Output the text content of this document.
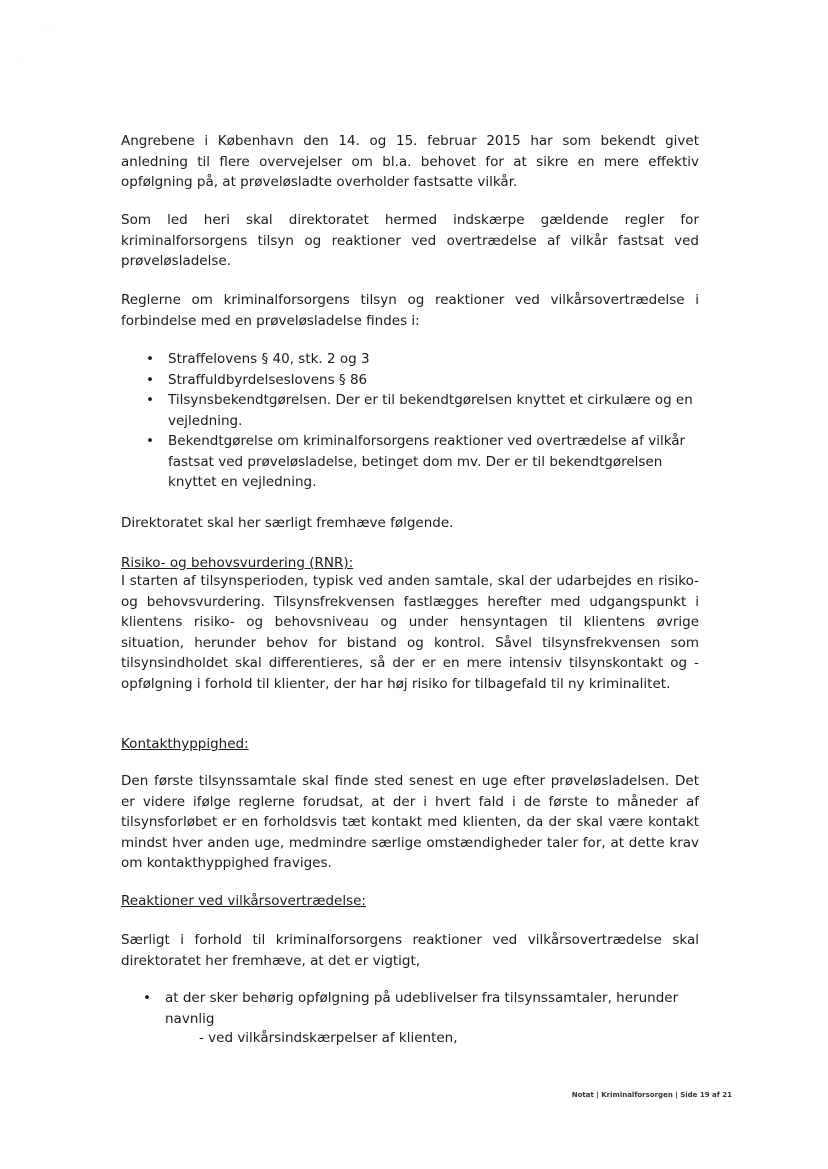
·
·

Angrebene i København den 14. og 15. februar 2015 har som bekendt givet anledning til flere overvejelser om bl.a. behovet for at sikre en mere effektiv opfølgning på, at prøveløsladte overholder fastsatte vilkår.

Som led heri skal direktoratet hermed indskærpe gældende regler for kriminalforsorgens tilsyn og reaktioner ved overtrædelse af vilkår fastsat ved prøveløsladelse.

Reglerne om kriminalforsorgens tilsyn og reaktioner ved vilkårsovertrædelse i forbindelse med en prøveløsladelse findes i:

• Straffelovens § 40, stk. 2 og 3
• Straffuldbyrdelseslovens § 86
• Tilsynsbekendtgørelsen. Der er til bekendtgørelsen knyttet et cirkulære og en vejledning.
• Bekendtgørelse om kriminalforsorgens reaktioner ved overtrædelse af vilkår fastsat ved prøveløsladelse, betinget dom mv. Der er til bekendtgørelsen knyttet en vejledning.

Direktoratet skal her særligt fremhæve følgende.

Risiko- og behovsvurdering (RNR):

I starten af tilsynsperioden, typisk ved anden samtale, skal der udarbejdes en risiko- og behovsvurdering. Tilsynsfrekvensen fastlægges herefter med udgangspunkt i klientens risiko- og behovsniveau og under hensyntagen til klientens øvrige situation, herunder behov for bistand og kontrol. Såvel tilsynsfrekvensen som tilsynsindholdet skal differentieres, så der er en mere intensiv tilsynskontakt og -opfølgning i forhold til klienter, der har høj risiko for tilbagefald til ny kriminalitet.

Kontakthyppighed:

Den første tilsynssamtale skal finde sted senest en uge efter prøveløsladelsen. Det er videre ifølge reglerne forudsat, at der i hvert fald i de første to måneder af tilsynsforløbet er en forholdsvis tæt kontakt med klienten, da der skal være kontakt mindst hver anden uge, medmindre særlige omstændigheder taler for, at dette krav om kontakthyppighed fraviges.

Reaktioner ved vilkårsovertrædelse:

Særligt i forhold til kriminalforsorgens reaktioner ved vilkårsovertrædelse skal direktoratet her fremhæve, at det er vigtigt,

• at der sker behørig opfølgning på udeblivelser fra tilsynssamtaler, herunder navnlig

- ved vilkårsindskærpelser af klienten,

Notat | Kriminalforsorgen | Side 19 af 21
